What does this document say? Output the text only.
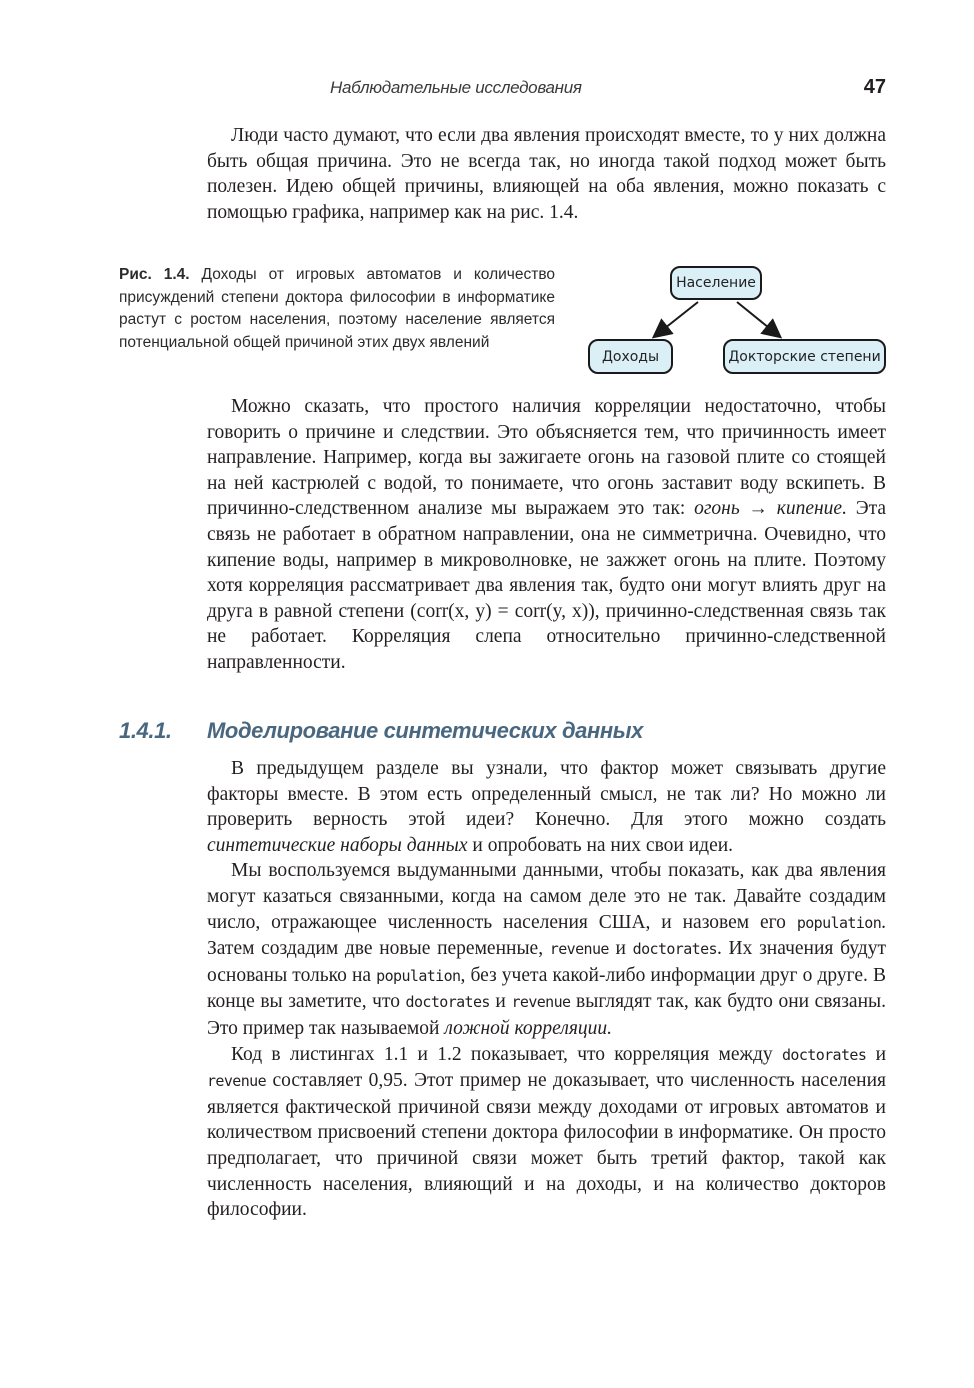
Наблюдательные исследования	47

Люди часто думают, что если два явления происходят вместе, то у них должна быть общая причина. Это не всегда так, но иногда такой подход может быть полезен. Идею общей причины, влияющей на оба явления, можно показать с помощью графика, например как на рис. 1.4.

Рис. 1.4. Доходы от игровых автоматов и количество присуждений степени доктора философии в информатике растут с ростом населения, поэтому население является потенциальной общей причиной этих двух явлений
Население
Доходы	Докторские степени

Можно сказать, что простого наличия корреляции недостаточно, чтобы говорить о причине и следствии. Это объясняется тем, что причинность имеет направление. Например, когда вы зажигаете огонь на газовой плите со стоящей на ней кастрюлей с водой, то понимаете, что огонь заставит воду вскипеть. В причинно-следственном анализе мы выражаем это так: огонь → кипение. Эта связь не работает в обратном направлении, она не симметрична. Очевидно, что кипение воды, например в микроволновке, не зажжет огонь на плите. Поэтому хотя корреляция рассматривает два явления так, будто они могут влиять друг на друга в равной степени (corr(x, y) = corr(y, x)), причинно-следственная связь так не работает. Корреляция слепа относительно причинно-следственной направленности.

1.4.1. Моделирование синтетических данных

В предыдущем разделе вы узнали, что фактор может связывать другие факторы вместе. В этом есть определенный смысл, не так ли? Но можно ли проверить верность этой идеи? Конечно. Для этого можно создать синтетические наборы данных и опробовать на них свои идеи.

Мы воспользуемся выдуманными данными, чтобы показать, как два явления могут казаться связанными, когда на самом деле это не так. Давайте создадим число, отражающее численность населения США, и назовем его population. Затем создадим две новые переменные, revenue и doctorates. Их значения будут основаны только на population, без учета какой-либо информации друг о друге. В конце вы заметите, что doctorates и revenue выглядят так, как будто они связаны. Это пример так называемой ложной корреляции.

Код в листингах 1.1 и 1.2 показывает, что корреляция между doctorates и revenue составляет 0,95. Этот пример не доказывает, что численность населения является фактической причиной связи между доходами от игровых автоматов и количеством присвоений степени доктора философии в информатике. Он просто предполагает, что причиной связи может быть третий фактор, такой как численность населения, влияющий и на доходы, и на количество докторов философии.
